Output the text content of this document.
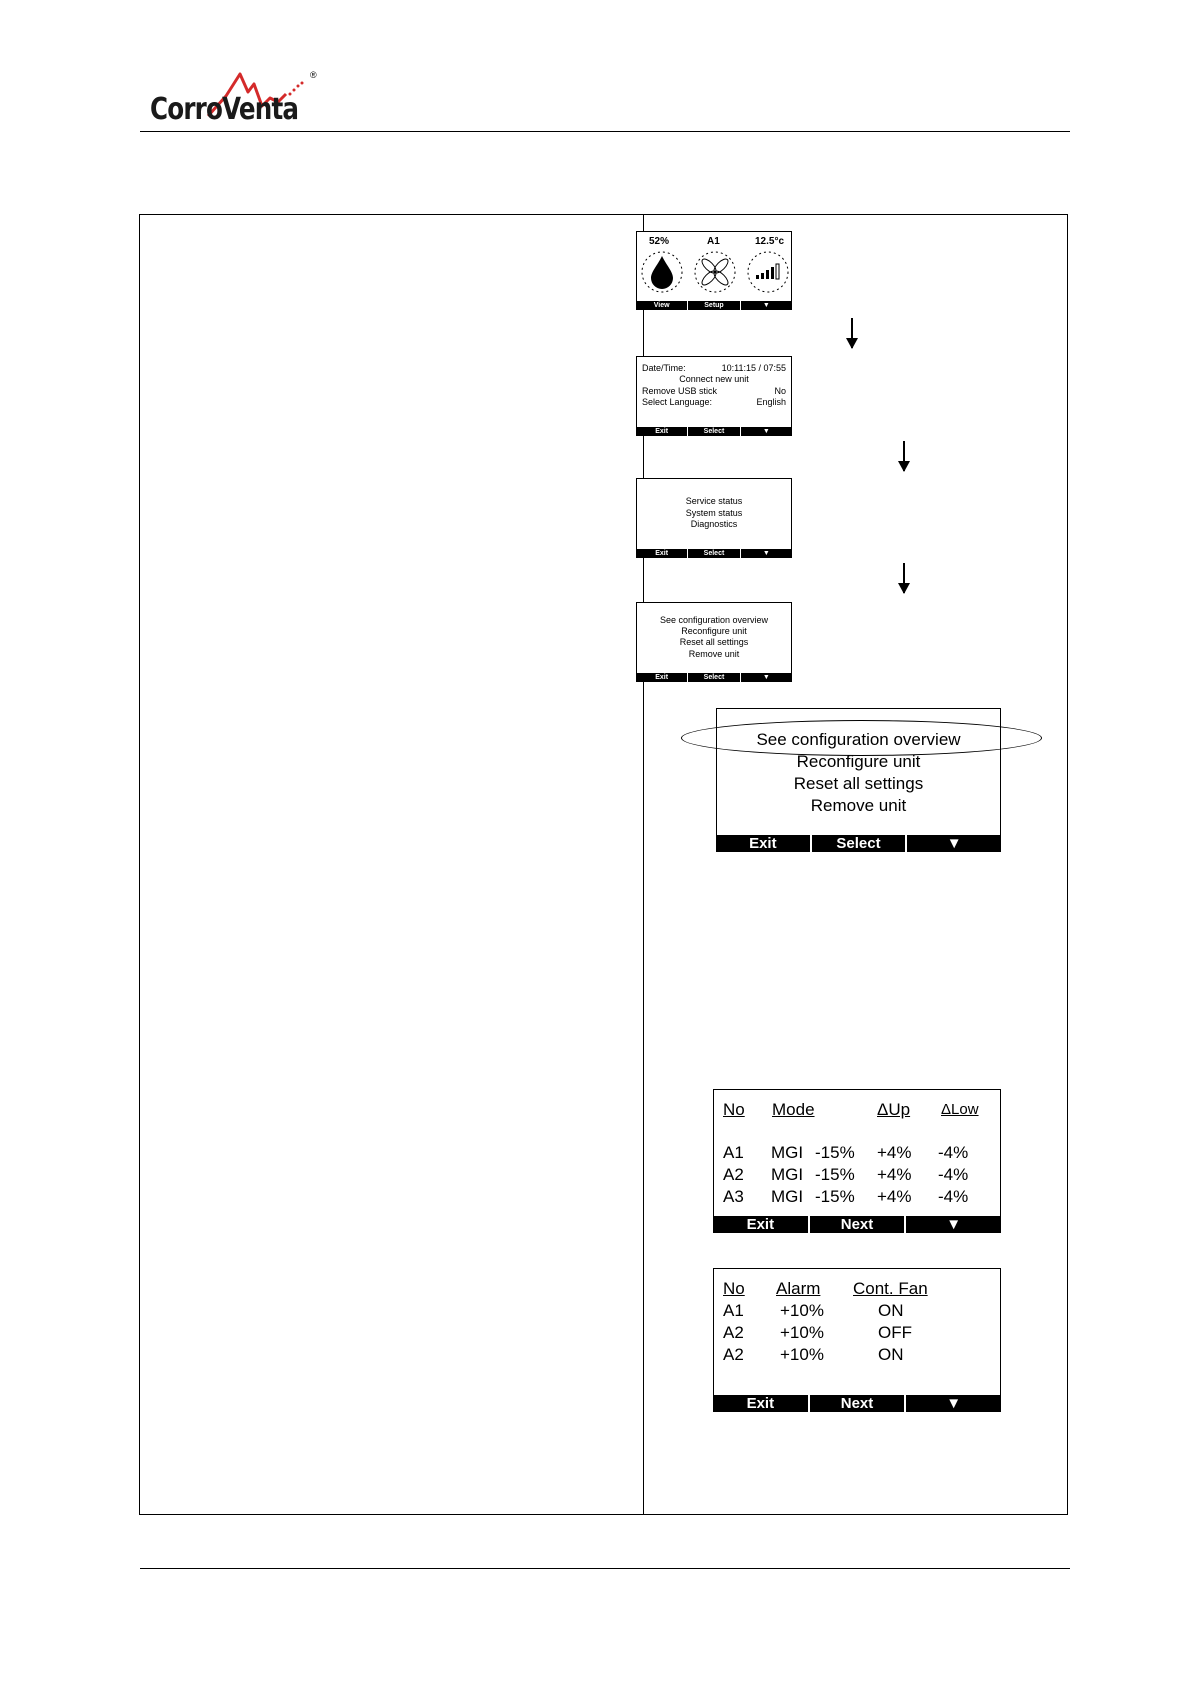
CorroVenta
®
52%	A1	12.5°c
View	Setup	▼
Date/Time:	10:11:15 / 07:55
Connect new unit
Remove USB stick	No
Select Language:	English
Exit	Select	▼
Service status
System status
Diagnostics
Exit	Select	▼
See configuration overview
Reconfigure unit
Reset all settings
Remove unit
Exit	Select	▼
See configuration overview
Reconfigure unit
Reset all settings
Remove unit
Exit	Select	▼
No Mode	ΔUp ΔLow
A1 MGI -15% +4% -4%
A2 MGI -15% +4% -4%
A3 MGI -15% +4% -4%
Exit	Next	▼
No Alarm Cont. Fan
A1 +10%	ON
A2 +10%	OFF
A2 +10%	ON
Exit	Next	▼
